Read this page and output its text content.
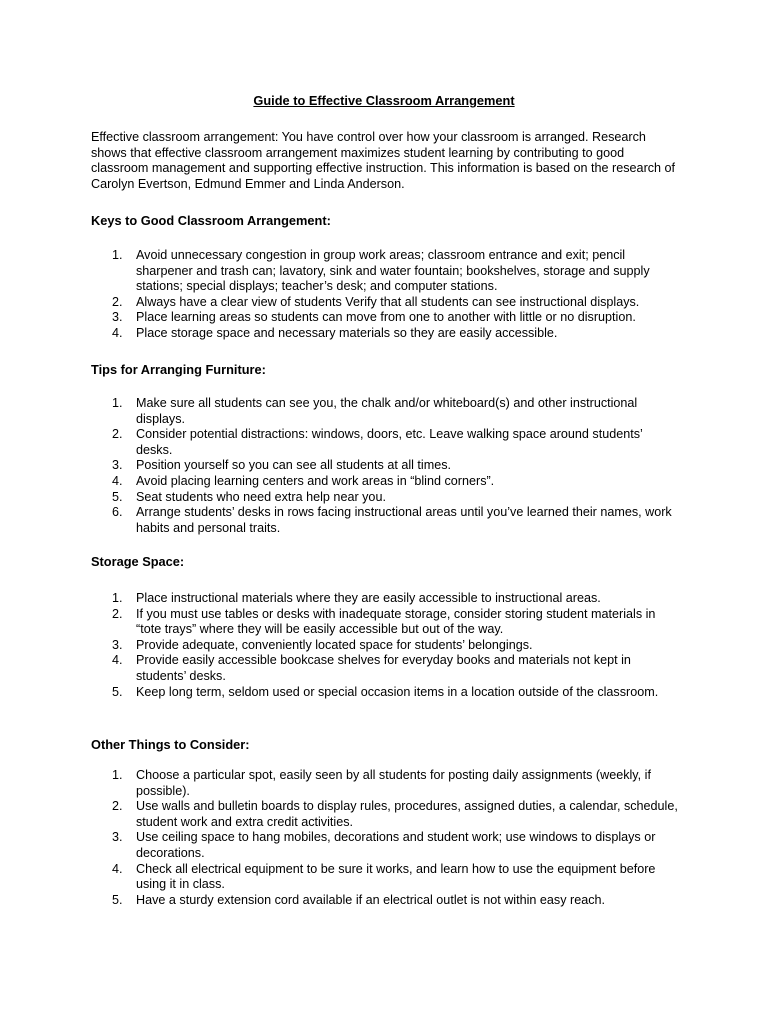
Guide to Effective Classroom Arrangement

Effective classroom arrangement: You have control over how your classroom is arranged. Research shows that effective classroom arrangement maximizes student learning by contributing to good classroom management and supporting effective instruction. This information is based on the research of Carolyn Evertson, Edmund Emmer and Linda Anderson.

Keys to Good Classroom Arrangement:
1. Avoid unnecessary congestion in group work areas; classroom entrance and exit; pencil sharpener and trash can; lavatory, sink and water fountain; bookshelves, storage and supply stations; special displays; teacher’s desk; and computer stations.
2. Always have a clear view of students Verify that all students can see instructional displays.
3. Place learning areas so students can move from one to another with little or no disruption.
4. Place storage space and necessary materials so they are easily accessible.
Tips for Arranging Furniture:
1. Make sure all students can see you, the chalk and/or whiteboard(s) and other instructional displays.
2. Consider potential distractions: windows, doors, etc. Leave walking space around students’ desks.
3. Position yourself so you can see all students at all times.
4. Avoid placing learning centers and work areas in “blind corners”.
5. Seat students who need extra help near you.
6. Arrange students’ desks in rows facing instructional areas until you’ve learned their names, work habits and personal traits.
Storage Space:
1. Place instructional materials where they are easily accessible to instructional areas.
2. If you must use tables or desks with inadequate storage, consider storing student materials in “tote trays” where they will be easily accessible but out of the way.
3. Provide adequate, conveniently located space for students’ belongings.
4. Provide easily accessible bookcase shelves for everyday books and materials not kept in students’ desks.
5. Keep long term, seldom used or special occasion items in a location outside of the classroom.
Other Things to Consider:
1. Choose a particular spot, easily seen by all students for posting daily assignments (weekly, if possible).
2. Use walls and bulletin boards to display rules, procedures, assigned duties, a calendar, schedule, student work and extra credit activities.
3. Use ceiling space to hang mobiles, decorations and student work; use windows to displays or decorations.
4. Check all electrical equipment to be sure it works, and learn how to use the equipment before using it in class.
5. Have a sturdy extension cord available if an electrical outlet is not within easy reach.
